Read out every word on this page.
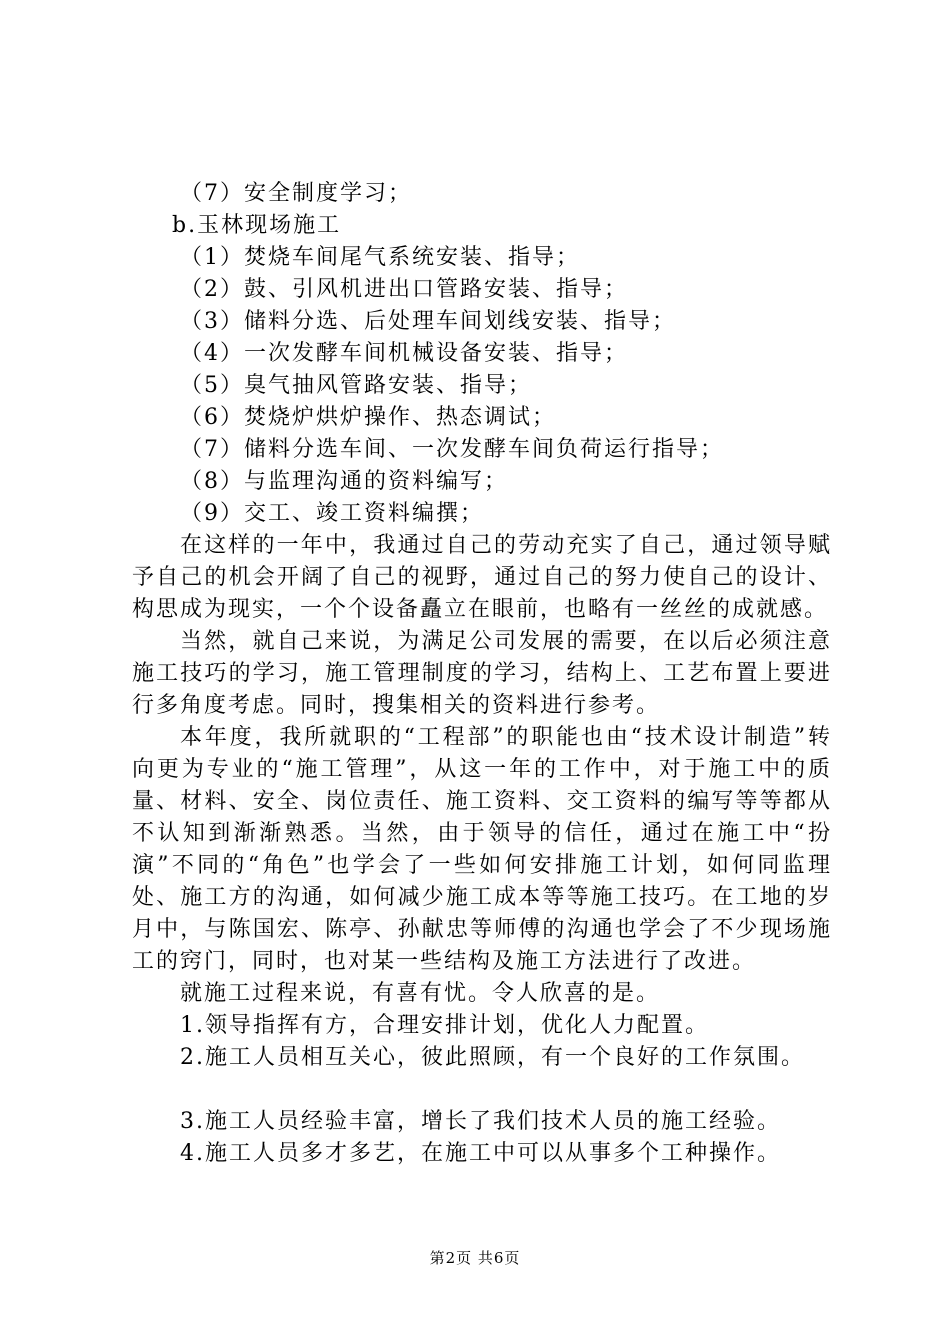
（7）安全制度学习；
b.玉林现场施工
（1）焚烧车间尾气系统安装、指导；
（2）鼓、引风机进出口管路安装、指导；
（3）储料分选、后处理车间划线安装、指导；
（4）一次发酵车间机械设备安装、指导；
（5）臭气抽风管路安装、指导；
（6）焚烧炉烘炉操作、热态调试；
（7）储料分选车间、一次发酵车间负荷运行指导；
（8）与监理沟通的资料编写；
（9）交工、竣工资料编撰；

在这样的一年中，我通过自己的劳动充实了自己，通过领导赋予自己的机会开阔了自己的视野，通过自己的努力使自己的设计、构思成为现实，一个个设备矗立在眼前，也略有一丝丝的成就感。

当然，就自己来说，为满足公司发展的需要，在以后必须注意施工技巧的学习，施工管理制度的学习，结构上、工艺布置上要进行多角度考虑。同时，搜集相关的资料进行参考。

本年度，我所就职的“工程部”的职能也由“技术设计制造”转向更为专业的“施工管理”，从这一年的工作中，对于施工中的质量、材料、安全、岗位责任、施工资料、交工资料的编写等等都从不认知到渐渐熟悉。当然，由于领导的信任，通过在施工中“扮演”不同的“角色”也学会了一些如何安排施工计划，如何同监理处、施工方的沟通，如何减少施工成本等等施工技巧。在工地的岁月中，与陈国宏、陈亭、孙献忠等师傅的沟通也学会了不少现场施工的窍门，同时，也对某一些结构及施工方法进行了改进。

就施工过程来说，有喜有忧。令人欣喜的是。

1.领导指挥有方，合理安排计划，优化人力配置。
2.施工人员相互关心，彼此照顾，有一个良好的工作氛围。
3.施工人员经验丰富，增长了我们技术人员的施工经验。
4.施工人员多才多艺，在施工中可以从事多个工种操作。
第2页 共6页
